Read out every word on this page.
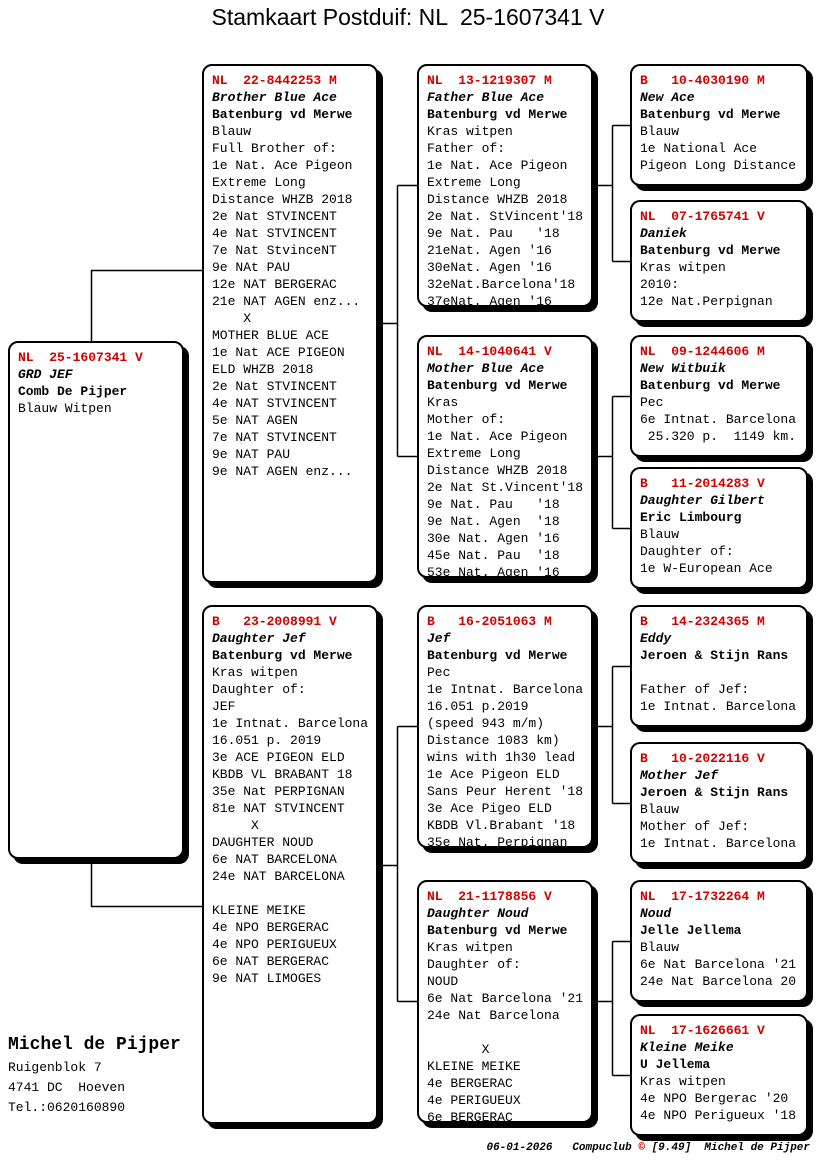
Stamkaart Postduif: NL  25-1607341 V
NL  25-1607341 V
GRD JEF
Comb De Pijper
Blauw Witpen
NL  22-8442253 M
Brother Blue Ace
Batenburg vd Merwe
Blauw
Full Brother of:
1e Nat. Ace Pigeon
Extreme Long
Distance WHZB 2018
2e Nat STVINCENT
4e Nat STVINCENT
7e Nat StvinceNT
9e NAt PAU
12e NAT BERGERAC
21e NAT AGEN enz...
X
MOTHER BLUE ACE
1e Nat ACE PIGEON
ELD WHZB 2018
2e Nat STVINCENT
4e NAT STVINCENT
5e NAT AGEN
7e NAT STVINCENT
9e NAT PAU
9e NAT AGEN enz...
B   23-2008991 V
Daughter Jef
Batenburg vd Merwe
Kras witpen
Daughter of:
JEF
1e Intnat. Barcelona
16.051 p. 2019
3e ACE PIGEON ELD
KBDB VL BRABANT 18
35e Nat PERPIGNAN
81e NAT STVINCENT
X
DAUGHTER NOUD
6e NAT BARCELONA
24e NAT BARCELONA

KLEINE MEIKE
4e NPO BERGERAC
4e NPO PERIGUEUX
6e NAT BERGERAC
9e NAT LIMOGES
NL  13-1219307 M
Father Blue Ace
Batenburg vd Merwe
Kras witpen
Father of:
1e Nat. Ace Pigeon
Extreme Long
Distance WHZB 2018
2e Nat. StVincent'18
9e Nat. Pau   '18
21eNat. Agen '16
30eNat. Agen '16
32eNat.Barcelona'18
37eNat. Agen '16
NL  14-1040641 V
Mother Blue Ace
Batenburg vd Merwe
Kras
Mother of:
1e Nat. Ace Pigeon
Extreme Long
Distance WHZB 2018
2e Nat St.Vincent'18
9e Nat. Pau   '18
9e Nat. Agen  '18
30e Nat. Agen '16
45e Nat. Pau  '18
53e Nat. Agen '16
B   16-2051063 M
Jef
Batenburg vd Merwe
Pec
1e Intnat. Barcelona
16.051 p.2019
(speed 943 m/m)
Distance 1083 km)
wins with 1h30 lead
1e Ace Pigeon ELD
Sans Peur Herent '18
3e Ace Pigeo ELD
KBDB Vl.Brabant '18
35e Nat. Perpignan
NL  21-1178856 V
Daughter Noud
Batenburg vd Merwe
Kras witpen
Daughter of:
NOUD
6e Nat Barcelona '21
24e Nat Barcelona

X
KLEINE MEIKE
4e BERGERAC
4e PERIGUEUX
6e BERGERAC
B   10-4030190 M
New Ace
Batenburg vd Merwe
Blauw
1e National Ace
Pigeon Long Distance
NL  07-1765741 V
Daniek
Batenburg vd Merwe
Kras witpen
2010:
12e Nat.Perpignan
NL  09-1244606 M
New Witbuik
Batenburg vd Merwe
Pec
6e Intnat. Barcelona
25.320 p.  1149 km.
B   11-2014283 V
Daughter Gilbert
Eric Limbourg
Blauw
Daughter of:
1e W-European Ace
B   14-2324365 M
Eddy
Jeroen & Stijn Rans

Father of Jef:
1e Intnat. Barcelona
B   10-2022116 V
Mother Jef
Jeroen & Stijn Rans
Blauw
Mother of Jef:
1e Intnat. Barcelona
NL  17-1732264 M
Noud
Jelle Jellema
Blauw
6e Nat Barcelona '21
24e Nat Barcelona 20
NL  17-1626661 V
Kleine Meike
U Jellema
Kras witpen
4e NPO Bergerac '20
4e NPO Perigueux '18
Michel de Pijper
Ruigenblok 7
4741 DC  Hoeven
Tel.:0620160890
06-01-2026 Compuclub © [9.49] Michel de Pijper
